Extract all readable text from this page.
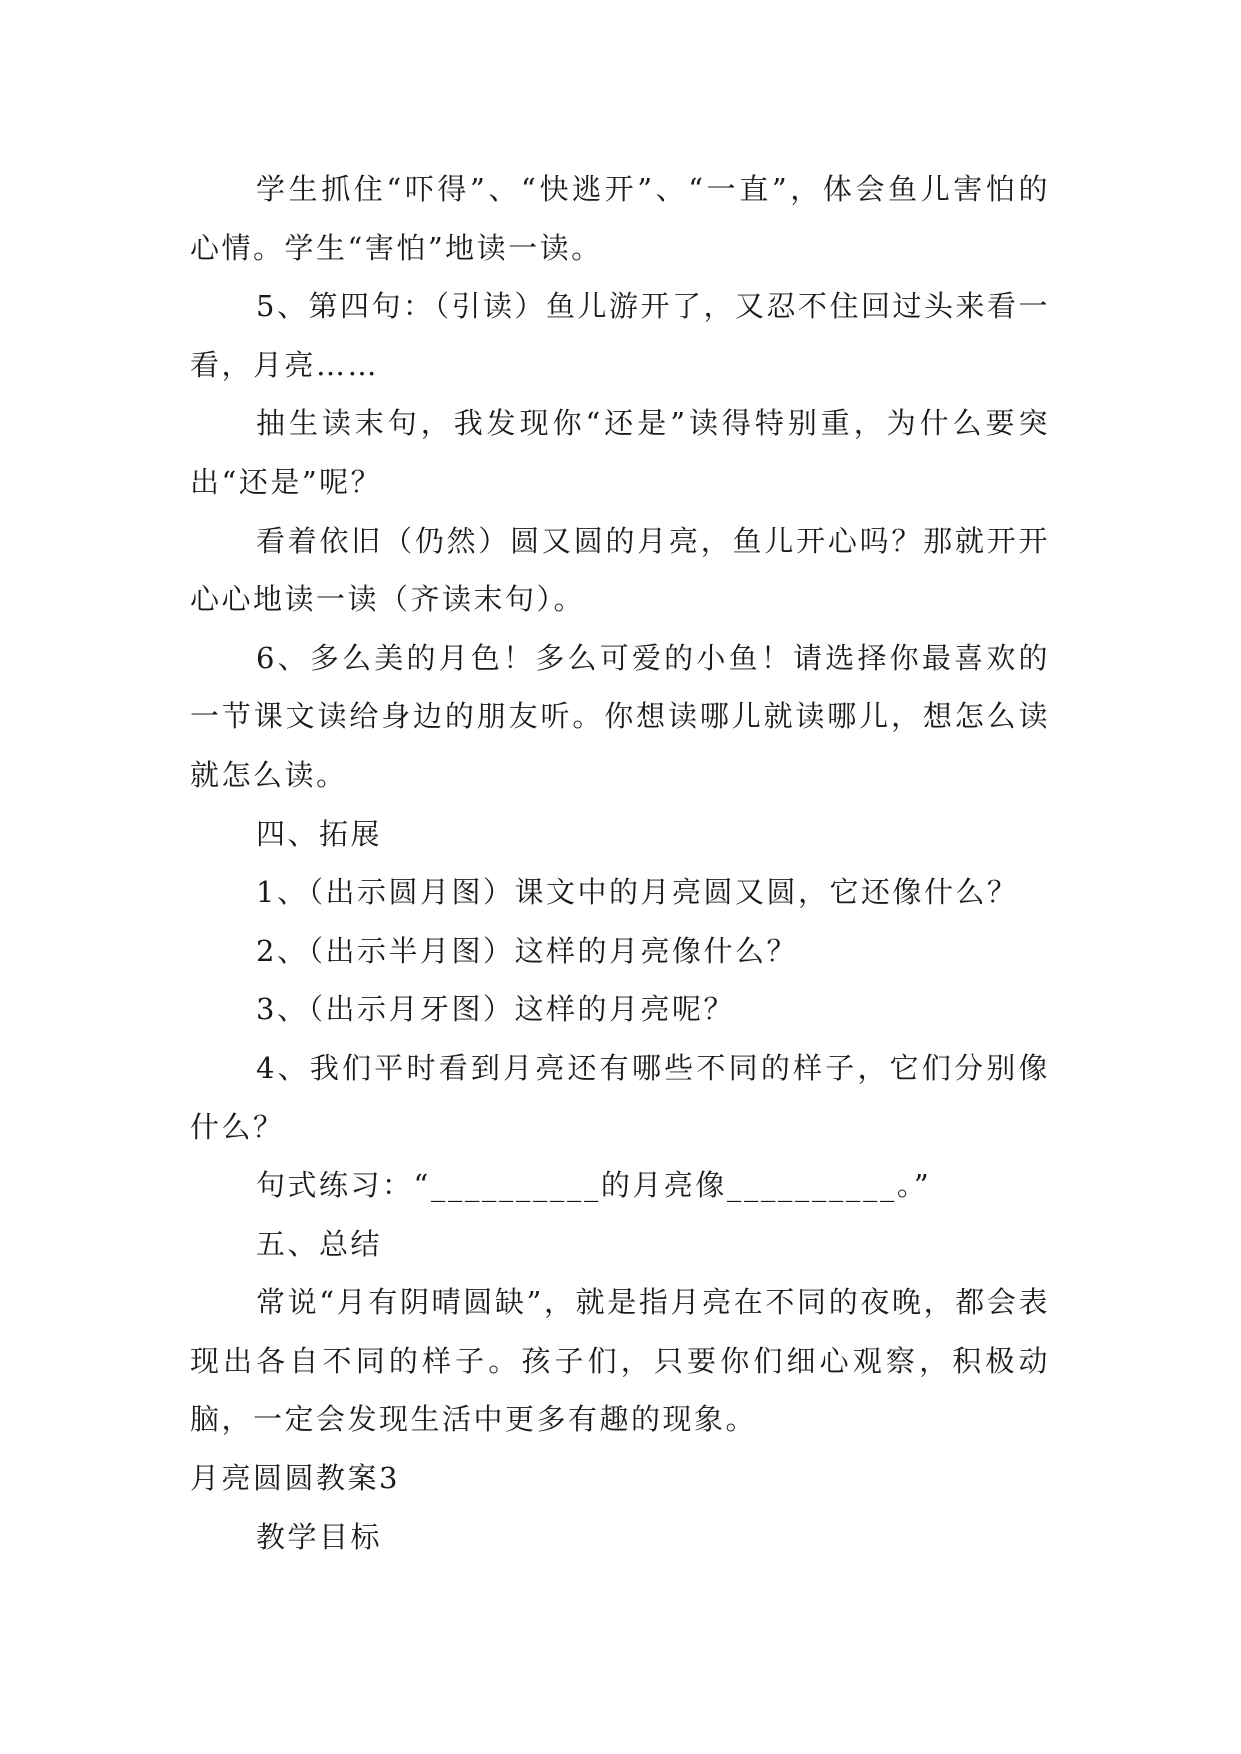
学生抓住“吓得”、“快逃开”、“一直”，体会鱼儿害怕的心情。学生“害怕”地读一读。

5、第四句：（引读）鱼儿游开了，又忍不住回过头来看一看，月亮……

抽生读末句，我发现你“还是”读得特别重，为什么要突出“还是”呢？

看着依旧（仍然）圆又圆的月亮，鱼儿开心吗？那就开开心心地读一读（齐读末句）。

6、多么美的月色！多么可爱的小鱼！请选择你最喜欢的一节课文读给身边的朋友听。你想读哪儿就读哪儿，想怎么读就怎么读。

四、拓展

1、（出示圆月图）课文中的月亮圆又圆，它还像什么？

2、（出示半月图）这样的月亮像什么？

3、（出示月牙图）这样的月亮呢？

4、我们平时看到月亮还有哪些不同的样子，它们分别像什么？

句式练习：“__________的月亮像__________。”

五、总结

常说“月有阴晴圆缺”，就是指月亮在不同的夜晚，都会表现出各自不同的样子。孩子们，只要你们细心观察，积极动脑，一定会发现生活中更多有趣的现象。

月亮圆圆教案3

教学目标
